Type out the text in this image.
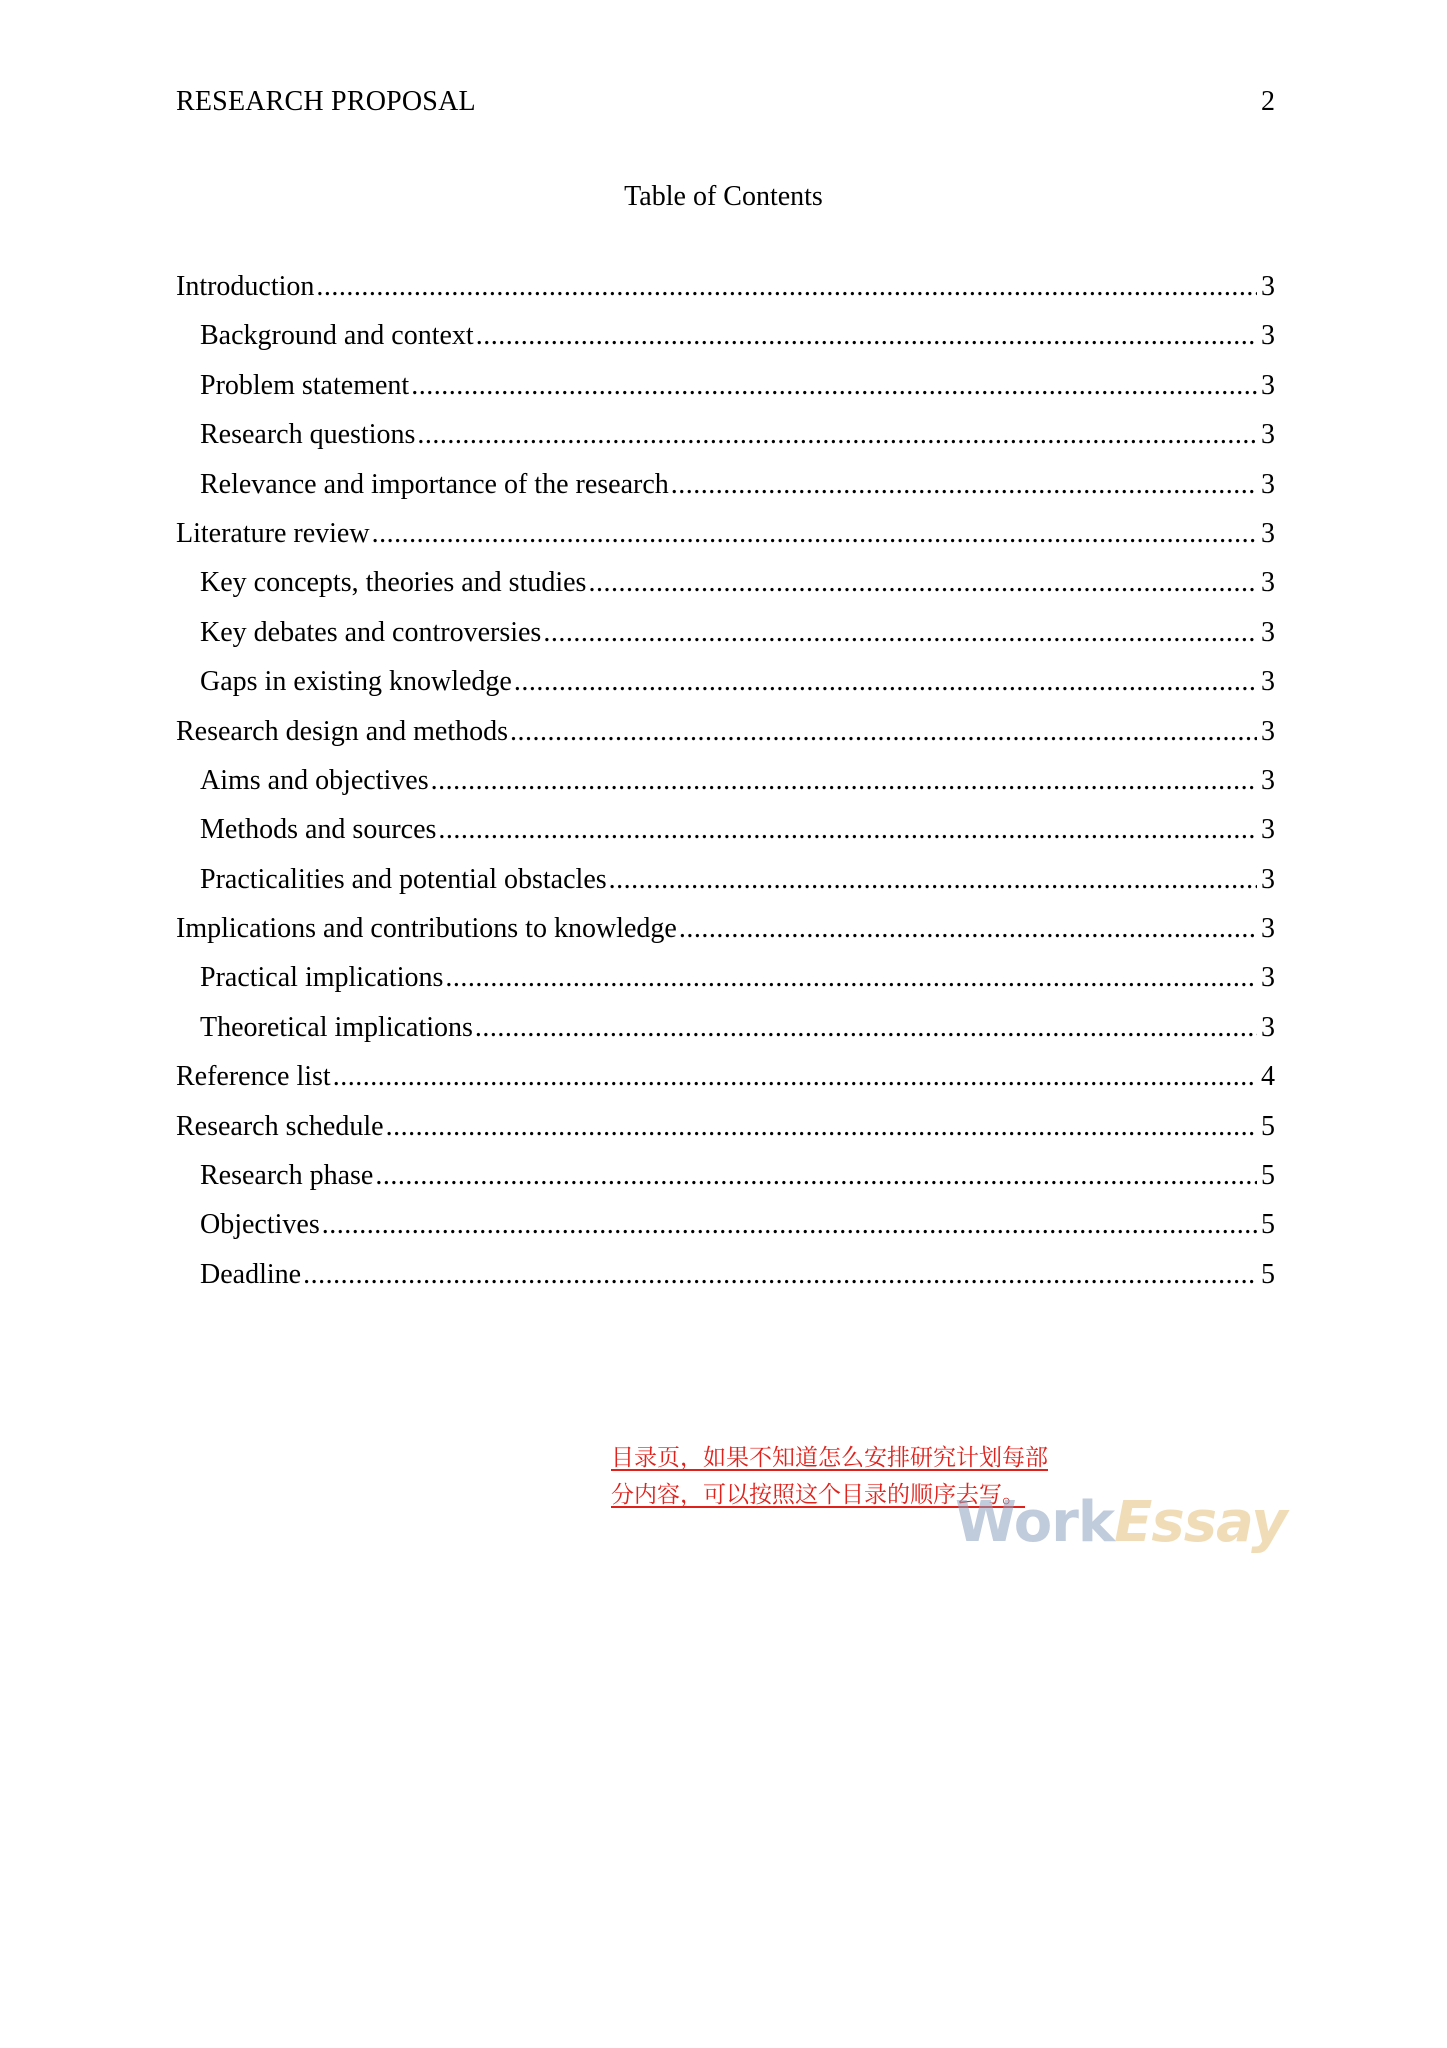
RESEARCH PROPOSAL	2
Table of Contents
Introduction .....	3
Background and context .....	3
Problem statement .....	3
Research questions .....	3
Relevance and importance of the research .....	3
Literature review .....	3
Key concepts, theories and studies .....	3
Key debates and controversies .....	3
Gaps in existing knowledge .....	3
Research design and methods .....	3
Aims and objectives .....	3
Methods and sources .....	3
Practicalities and potential obstacles .....	3
Implications and contributions to knowledge .....	3
Practical implications .....	3
Theoretical implications .....	3
Reference list .....	4
Research schedule .....	5
Research phase .....	5
Objectives .....	5
Deadline .....	5
目录页，如果不知道怎么安排研究计划每部
分内容，可以按照这个目录的顺序去写。
WorkEssay
